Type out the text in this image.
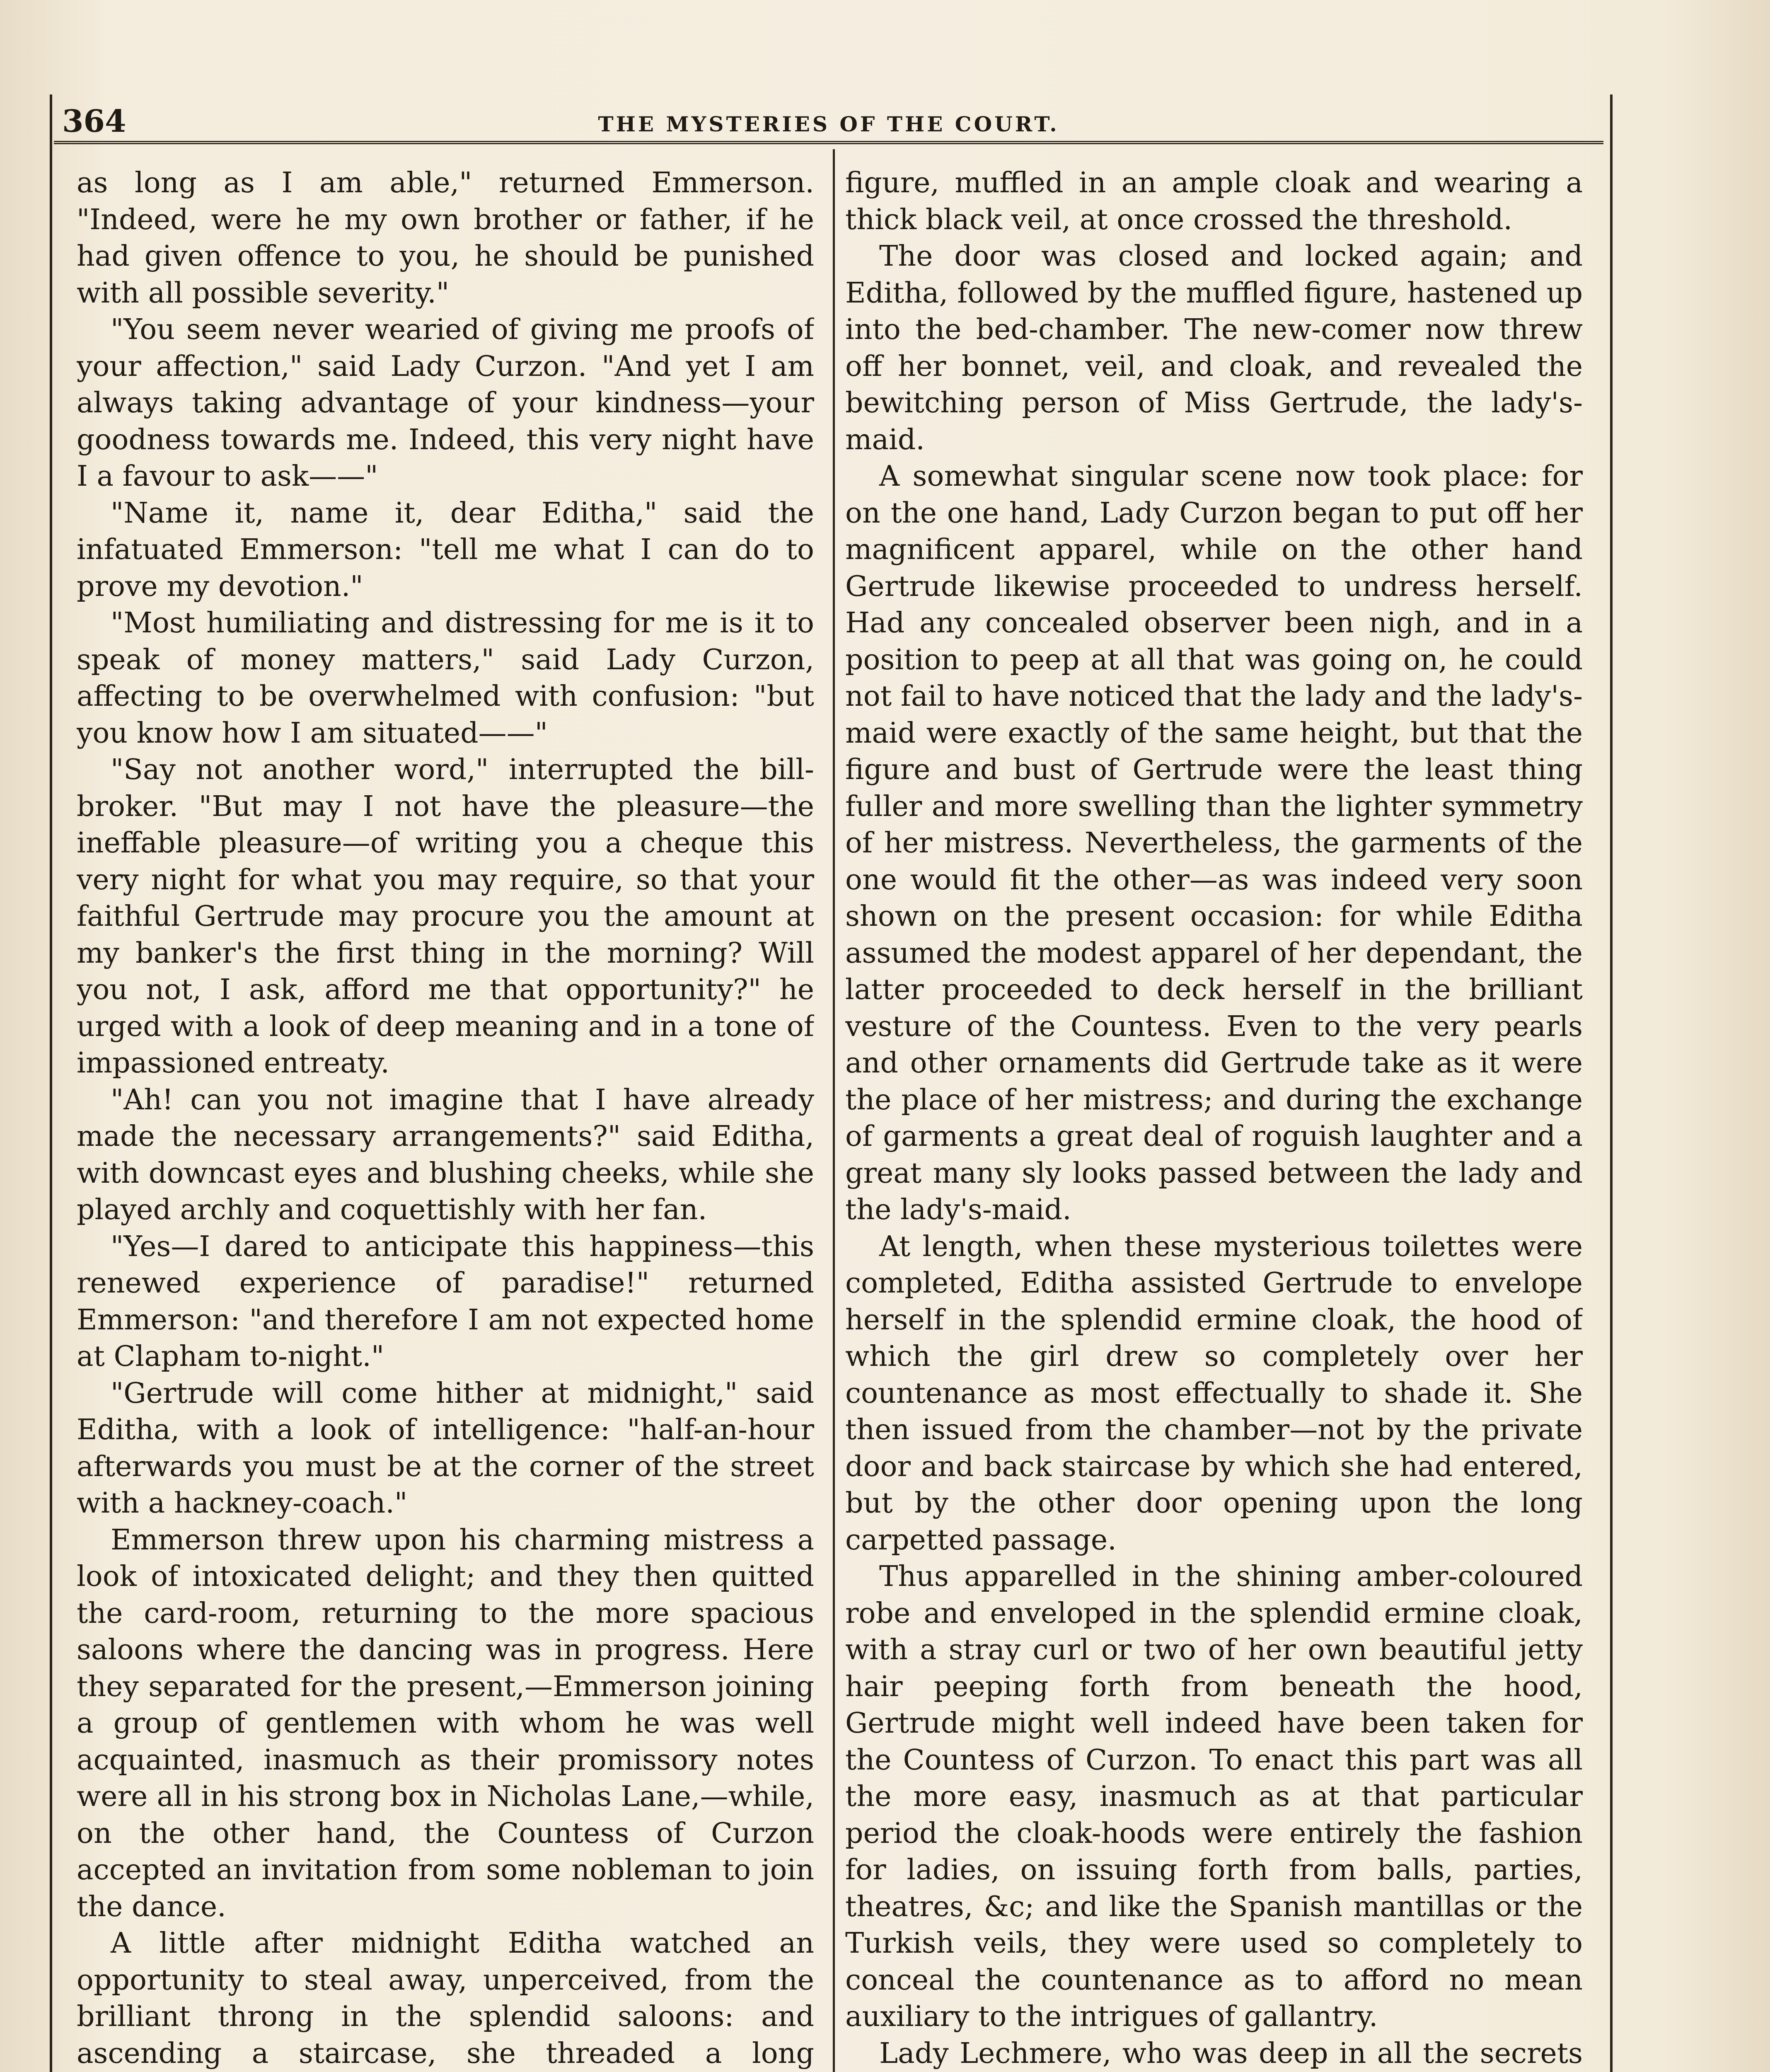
364	THE MYSTERIES OF THE COURT.

as long as I am able," returned Emmerson. "Indeed, were he my own brother or father, if he had given offence to you, he should be punished with all possible severity."

"You seem never wearied of giving me proofs of your affection," said Lady Curzon. "And yet I am always taking advantage of your kindness—your goodness towards me. Indeed, this very night have I a favour to ask——"

"Name it, name it, dear Editha," said the infatuated Emmerson: "tell me what I can do to prove my devotion."

"Most humiliating and distressing for me is it to speak of money matters," said Lady Curzon, affecting to be overwhelmed with confusion: "but you know how I am situated——"

"Say not another word," interrupted the bill-broker. "But may I not have the pleasure—the ineffable pleasure—of writing you a cheque this very night for what you may require, so that your faithful Gertrude may procure you the amount at my banker's the first thing in the morning? Will you not, I ask, afford me that opportunity?" he urged with a look of deep meaning and in a tone of impassioned entreaty.

"Ah! can you not imagine that I have already made the necessary arrangements?" said Editha, with downcast eyes and blushing cheeks, while she played archly and coquettishly with her fan.

"Yes—I dared to anticipate this happiness—this renewed experience of paradise!" returned Emmerson: "and therefore I am not expected home at Clapham to-night."

"Gertrude will come hither at midnight," said Editha, with a look of intelligence: "half-an-hour afterwards you must be at the corner of the street with a hackney-coach."

Emmerson threw upon his charming mistress a look of intoxicated delight; and they then quitted the card-room, returning to the more spacious saloons where the dancing was in progress. Here they separated for the present,—Emmerson joining a group of gentlemen with whom he was well acquainted, inasmuch as their promissory notes were all in his strong box in Nicholas Lane,—while, on the other hand, the Countess of Curzon accepted an invitation from some nobleman to join the dance.

A little after midnight Editha watched an opportunity to steal away, unperceived, from the brilliant throng in the splendid saloons: and ascending a staircase, she threaded a long

figure, muffled in an ample cloak and wearing a thick black veil, at once crossed the threshold.

The door was closed and locked again; and Editha, followed by the muffled figure, hastened up into the bed-chamber. The new-comer now threw off her bonnet, veil, and cloak, and revealed the bewitching person of Miss Gertrude, the lady's-maid.

A somewhat singular scene now took place: for on the one hand, Lady Curzon began to put off her magnificent apparel, while on the other hand Gertrude likewise proceeded to undress herself. Had any concealed observer been nigh, and in a position to peep at all that was going on, he could not fail to have noticed that the lady and the lady's-maid were exactly of the same height, but that the figure and bust of Gertrude were the least thing fuller and more swelling than the lighter symmetry of her mistress. Nevertheless, the garments of the one would fit the other—as was indeed very soon shown on the present occasion: for while Editha assumed the modest apparel of her dependant, the latter proceeded to deck herself in the brilliant vesture of the Countess. Even to the very pearls and other ornaments did Gertrude take as it were the place of her mistress; and during the exchange of garments a great deal of roguish laughter and a great many sly looks passed between the lady and the lady's-maid.

At length, when these mysterious toilettes were completed, Editha assisted Gertrude to envelope herself in the splendid ermine cloak, the hood of which the girl drew so completely over her countenance as most effectually to shade it. She then issued from the chamber—not by the private door and back staircase by which she had entered, but by the other door opening upon the long carpetted passage.

Thus apparelled in the shining amber-coloured robe and enveloped in the splendid ermine cloak, with a stray curl or two of her own beautiful jetty hair peeping forth from beneath the hood, Gertrude might well indeed have been taken for the Countess of Curzon. To enact this part was all the more easy, inasmuch as at that particular period the cloak-hoods were entirely the fashion for ladies, on issuing forth from balls, parties, theatres, &c; and like the Spanish mantillas or the Turkish veils, they were used so completely to conceal the countenance as to afford no mean auxiliary to the intrigues of gallantry.

Lady Lechmere, who was deep in all the secrets
